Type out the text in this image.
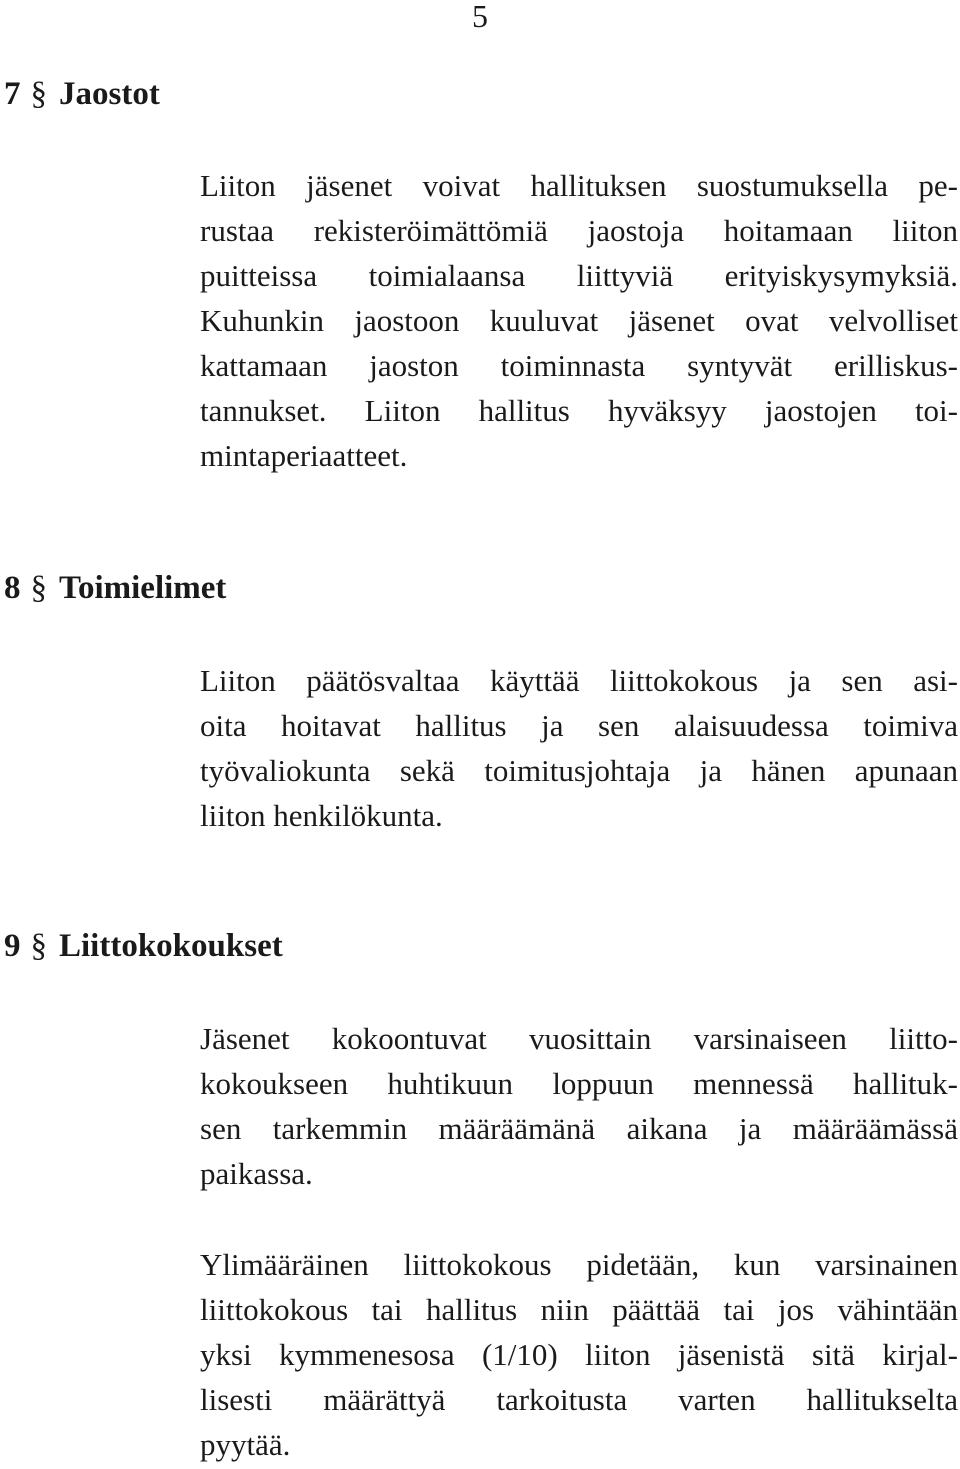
5
7 § Jaostot
Liiton jäsenet voivat hallituksen suostumuksella pe-
rustaa rekisteröimättömiä jaostoja hoitamaan liiton
puitteissa toimialaansa liittyviä erityiskysymyksiä.
Kuhunkin jaostoon kuuluvat jäsenet ovat velvolliset
kattamaan jaoston toiminnasta syntyvät erilliskus-
tannukset. Liiton hallitus hyväksyy jaostojen toi-
mintaperiaatteet.
8 § Toimielimet
Liiton päätösvaltaa käyttää liittokokous ja sen asi-
oita hoitavat hallitus ja sen alaisuudessa toimiva
työvaliokunta sekä toimitusjohtaja ja hänen apunaan
liiton henkilökunta.
9 § Liittokokoukset
Jäsenet kokoontuvat vuosittain varsinaiseen liitto-
kokoukseen huhtikuun loppuun mennessä hallituk-
sen tarkemmin määräämänä aikana ja määräämässä
paikassa.
Ylimääräinen liittokokous pidetään, kun varsinainen
liittokokous tai hallitus niin päättää tai jos vähintään
yksi kymmenesosa (1/10) liiton jäsenistä sitä kirjal-
lisesti määrättyä tarkoitusta varten hallitukselta
pyytää.
